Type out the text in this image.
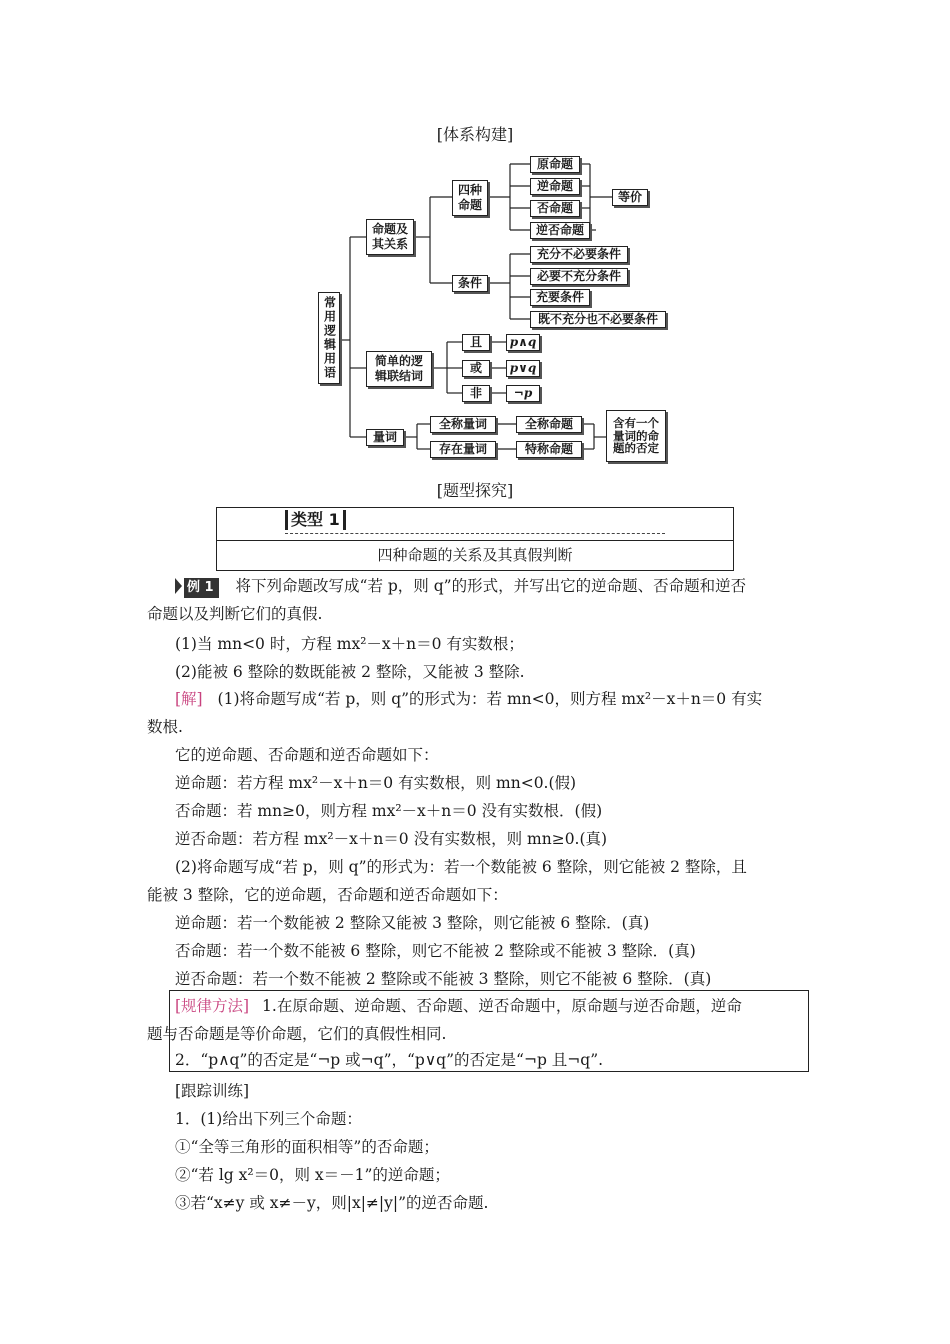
[体系构建]
常用逻辑用语
命题及其关系
四种命题
原命题
逆命题
否命题
逆否命题
等价
条件
充分不必要条件
必要不充分条件
充要条件
既不充分也不必要条件
简单的逻辑联结词
且
或
非
p∧q
p∨q
¬p
量词
全称量词
存在量词
全称命题
特称命题
含有一个量词的命题的否定
[题型探究]
类型 1
四种命题的关系及其真假判断
例 1 将下列命题改写成“若 p，则 q”的形式，并写出它的逆命题、否命题和逆否
命题以及判断它们的真假.
(1)当 mn<0 时，方程 mx²－x＋n＝0 有实数根；
(2)能被 6 整除的数既能被 2 整除，又能被 3 整除.
[解] (1)将命题写成“若 p，则 q”的形式为：若 mn<0，则方程 mx²－x＋n＝0 有实
数根.
它的逆命题、否命题和逆否命题如下：
逆命题：若方程 mx²－x＋n＝0 有实数根，则 mn<0.(假)
否命题：若 mn≥0，则方程 mx²－x＋n＝0 没有实数根．(假)
逆否命题：若方程 mx²－x＋n＝0 没有实数根，则 mn≥0.(真)
(2)将命题写成“若 p，则 q”的形式为：若一个数能被 6 整除，则它能被 2 整除，且
能被 3 整除，它的逆命题，否命题和逆否命题如下：
逆命题：若一个数能被 2 整除又能被 3 整除，则它能被 6 整除．(真)
否命题：若一个数不能被 6 整除，则它不能被 2 整除或不能被 3 整除．(真)
逆否命题：若一个数不能被 2 整除或不能被 3 整除，则它不能被 6 整除．(真)
[规律方法] 1.在原命题、逆命题、否命题、逆否命题中，原命题与逆否命题，逆命
题与否命题是等价命题，它们的真假性相同.
2．“p∧q”的否定是“¬p 或¬q”，“p∨q”的否定是“¬p 且¬q”.
[跟踪训练]
1．(1)给出下列三个命题：
①“全等三角形的面积相等”的否命题；
②“若 lg x²＝0，则 x＝－1”的逆命题；
③若“x≠y 或 x≠－y，则|x|≠|y|”的逆否命题.
